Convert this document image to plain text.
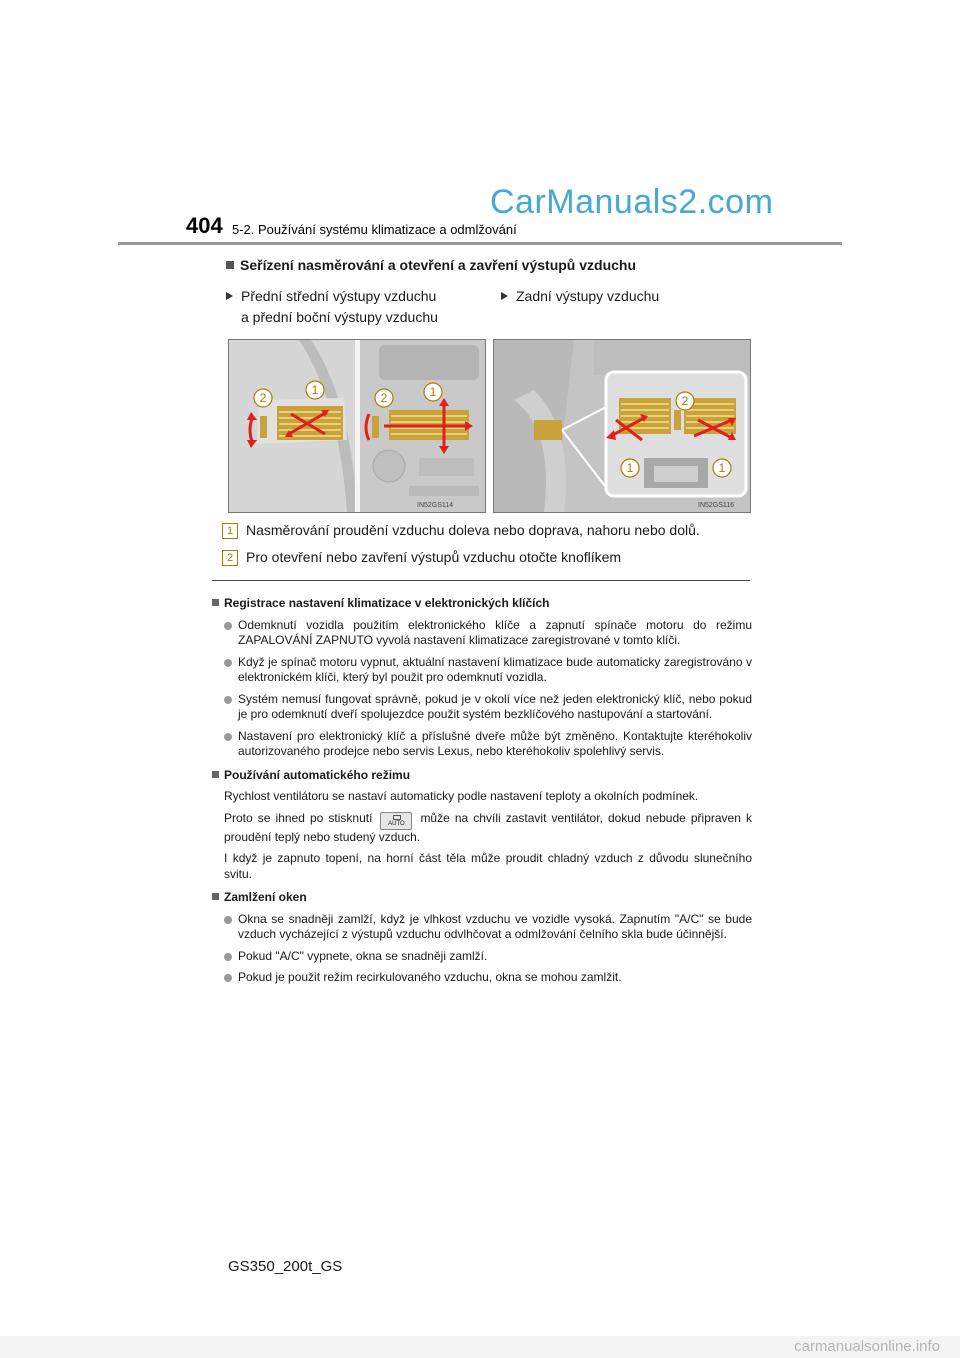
CarManuals2.com
404 5-2. Používání systému klimatizace a odmlžování
Seřízení nasměrování a otevření a zavření výstupů vzduchu
Přední střední výstupy vzduchu
a přední boční výstupy vzduchu
Zadní výstupy vzduchu
2
1
2	1
IN52GS114
2
1	1
IN52GS116
1 Nasměrování proudění vzduchu doleva nebo doprava, nahoru nebo dolů.
2 Pro otevření nebo zavření výstupů vzduchu otočte knoflíkem
Registrace nastavení klimatizace v elektronických klíčích
Odemknutí vozidla použitím elektronického klíče a zapnutí spínače motoru do režimu ZAPALOVÁNÍ ZAPNUTO vyvolá nastavení klimatizace zaregistrované v tomto klíči.
Když je spínač motoru vypnut, aktuální nastavení klimatizace bude automaticky zaregistrováno v elektronickém klíči, který byl použit pro odemknutí vozidla.
Systém nemusí fungovat správně, pokud je v okolí více než jeden elektronický klíč, nebo pokud je pro odemknutí dveří spolujezdce použit systém bezklíčového nastupování a startování.
Nastavení pro elektronický klíč a příslušné dveře může být změněno. Kontaktujte kteréhokoliv autorizovaného prodejce nebo servis Lexus, nebo kteréhokoliv spolehlivý servis.
Používání automatického režimu
Rychlost ventilátoru se nastaví automaticky podle nastavení teploty a okolních podmínek.
Proto se ihned po stisknutí	AUTO může na chvíli zastavit ventilátor, dokud nebude připraven k proudění teplý nebo studený vzduch.
I když je zapnuto topení, na horní část těla může proudit chladný vzduch z důvodu slunečního svitu.
Zamlžení oken
Okna se snadněji zamlží, když je vlhkost vzduchu ve vozidle vysoká. Zapnutím "A/C" se bude vzduch vycházející z výstupů vzduchu odvlhčovat a odmlžování čelního skla bude účinnější.
Pokud "A/C" vypnete, okna se snadněji zamlží.
Pokud je použit režim recirkulovaného vzduchu, okna se mohou zamlžit.
GS350_200t_GS
carmanualsonline.info
